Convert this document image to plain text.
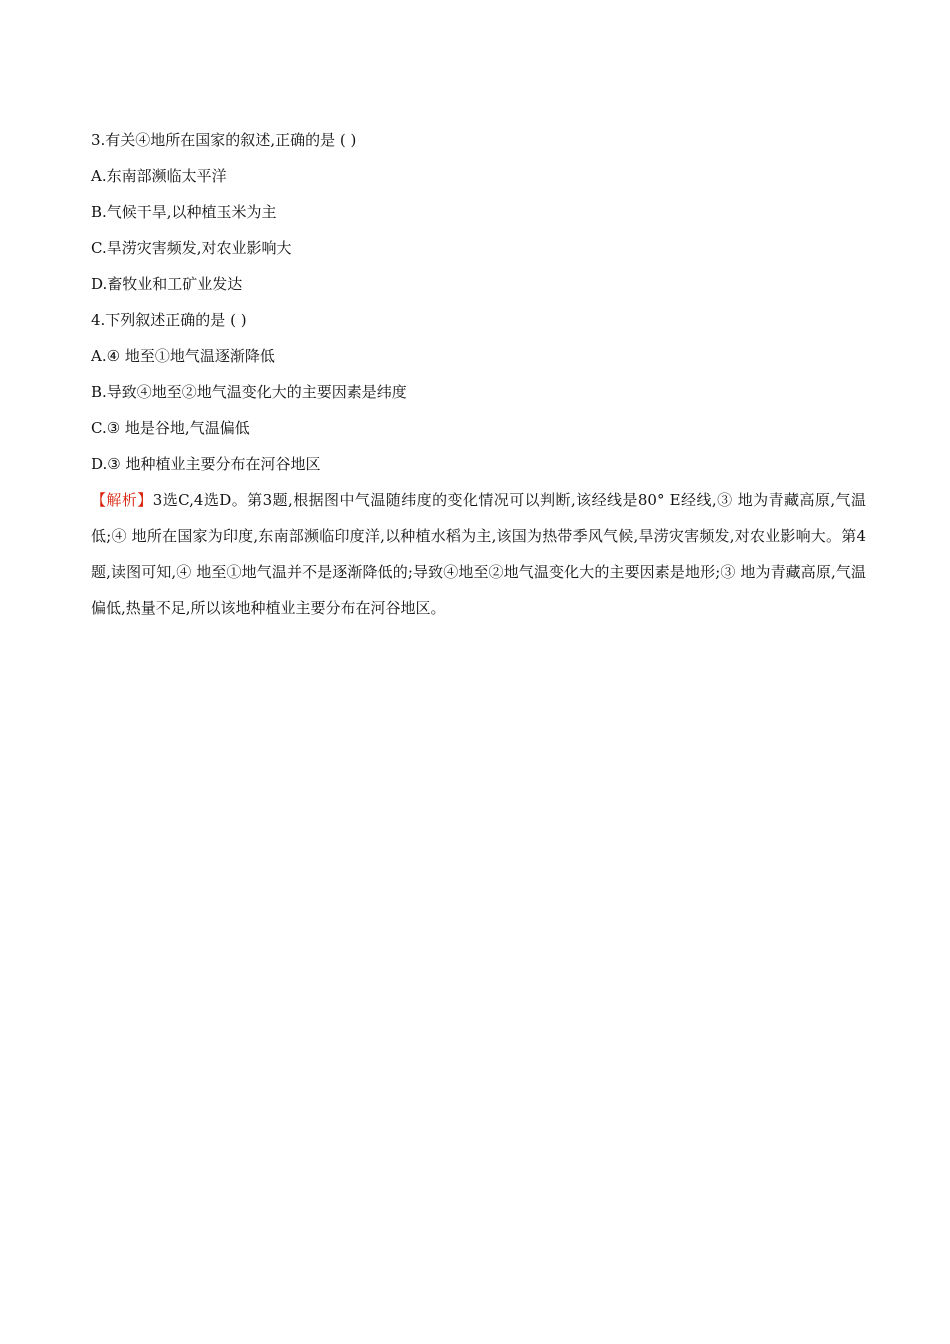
3.有关④地所在国家的叙述,正确的是 ( )
A.东南部濒临太平洋
B.气候干旱,以种植玉米为主
C.旱涝灾害频发,对农业影响大
D.畜牧业和工矿业发达
4.下列叙述正确的是 ( )
A.④ 地至①地气温逐渐降低
B.导致④地至②地气温变化大的主要因素是纬度
C.③ 地是谷地,气温偏低
D.③ 地种植业主要分布在河谷地区
【解析】3选C,4选D。第3题,根据图中气温随纬度的变化情况可以判断,该经线是80° E经线,③ 地为青藏高原,气温低;④ 地所在国家为印度,东南部濒临印度洋,以种植水稻为主,该国为热带季风气候,旱涝灾害频发,对农业影响大。第4题,读图可知,④ 地至①地气温并不是逐渐降低的;导致④地至②地气温变化大的主要因素是地形;③ 地为青藏高原,气温偏低,热量不足,所以该地种植业主要分布在河谷地区。
